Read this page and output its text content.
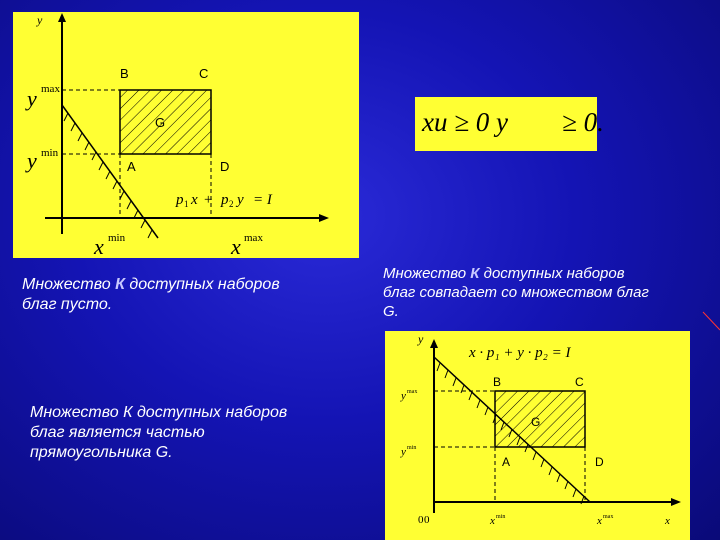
y
y max
y min
B	C
G
A	D
p 1 x + p 2 y = I
x min	x max
xu ≥ 0 y        ≥ 0.
y
x · p₁ + y · p₂ = I
B	C
G
A	D
y max
y min
0 0	x min	x max	x
Множество К доступных наборов
благ пусто.
Множество К доступных наборов
благ совпадает со множеством благ
G.
Множество К доступных наборов
благ является частью
прямоугольника G.
